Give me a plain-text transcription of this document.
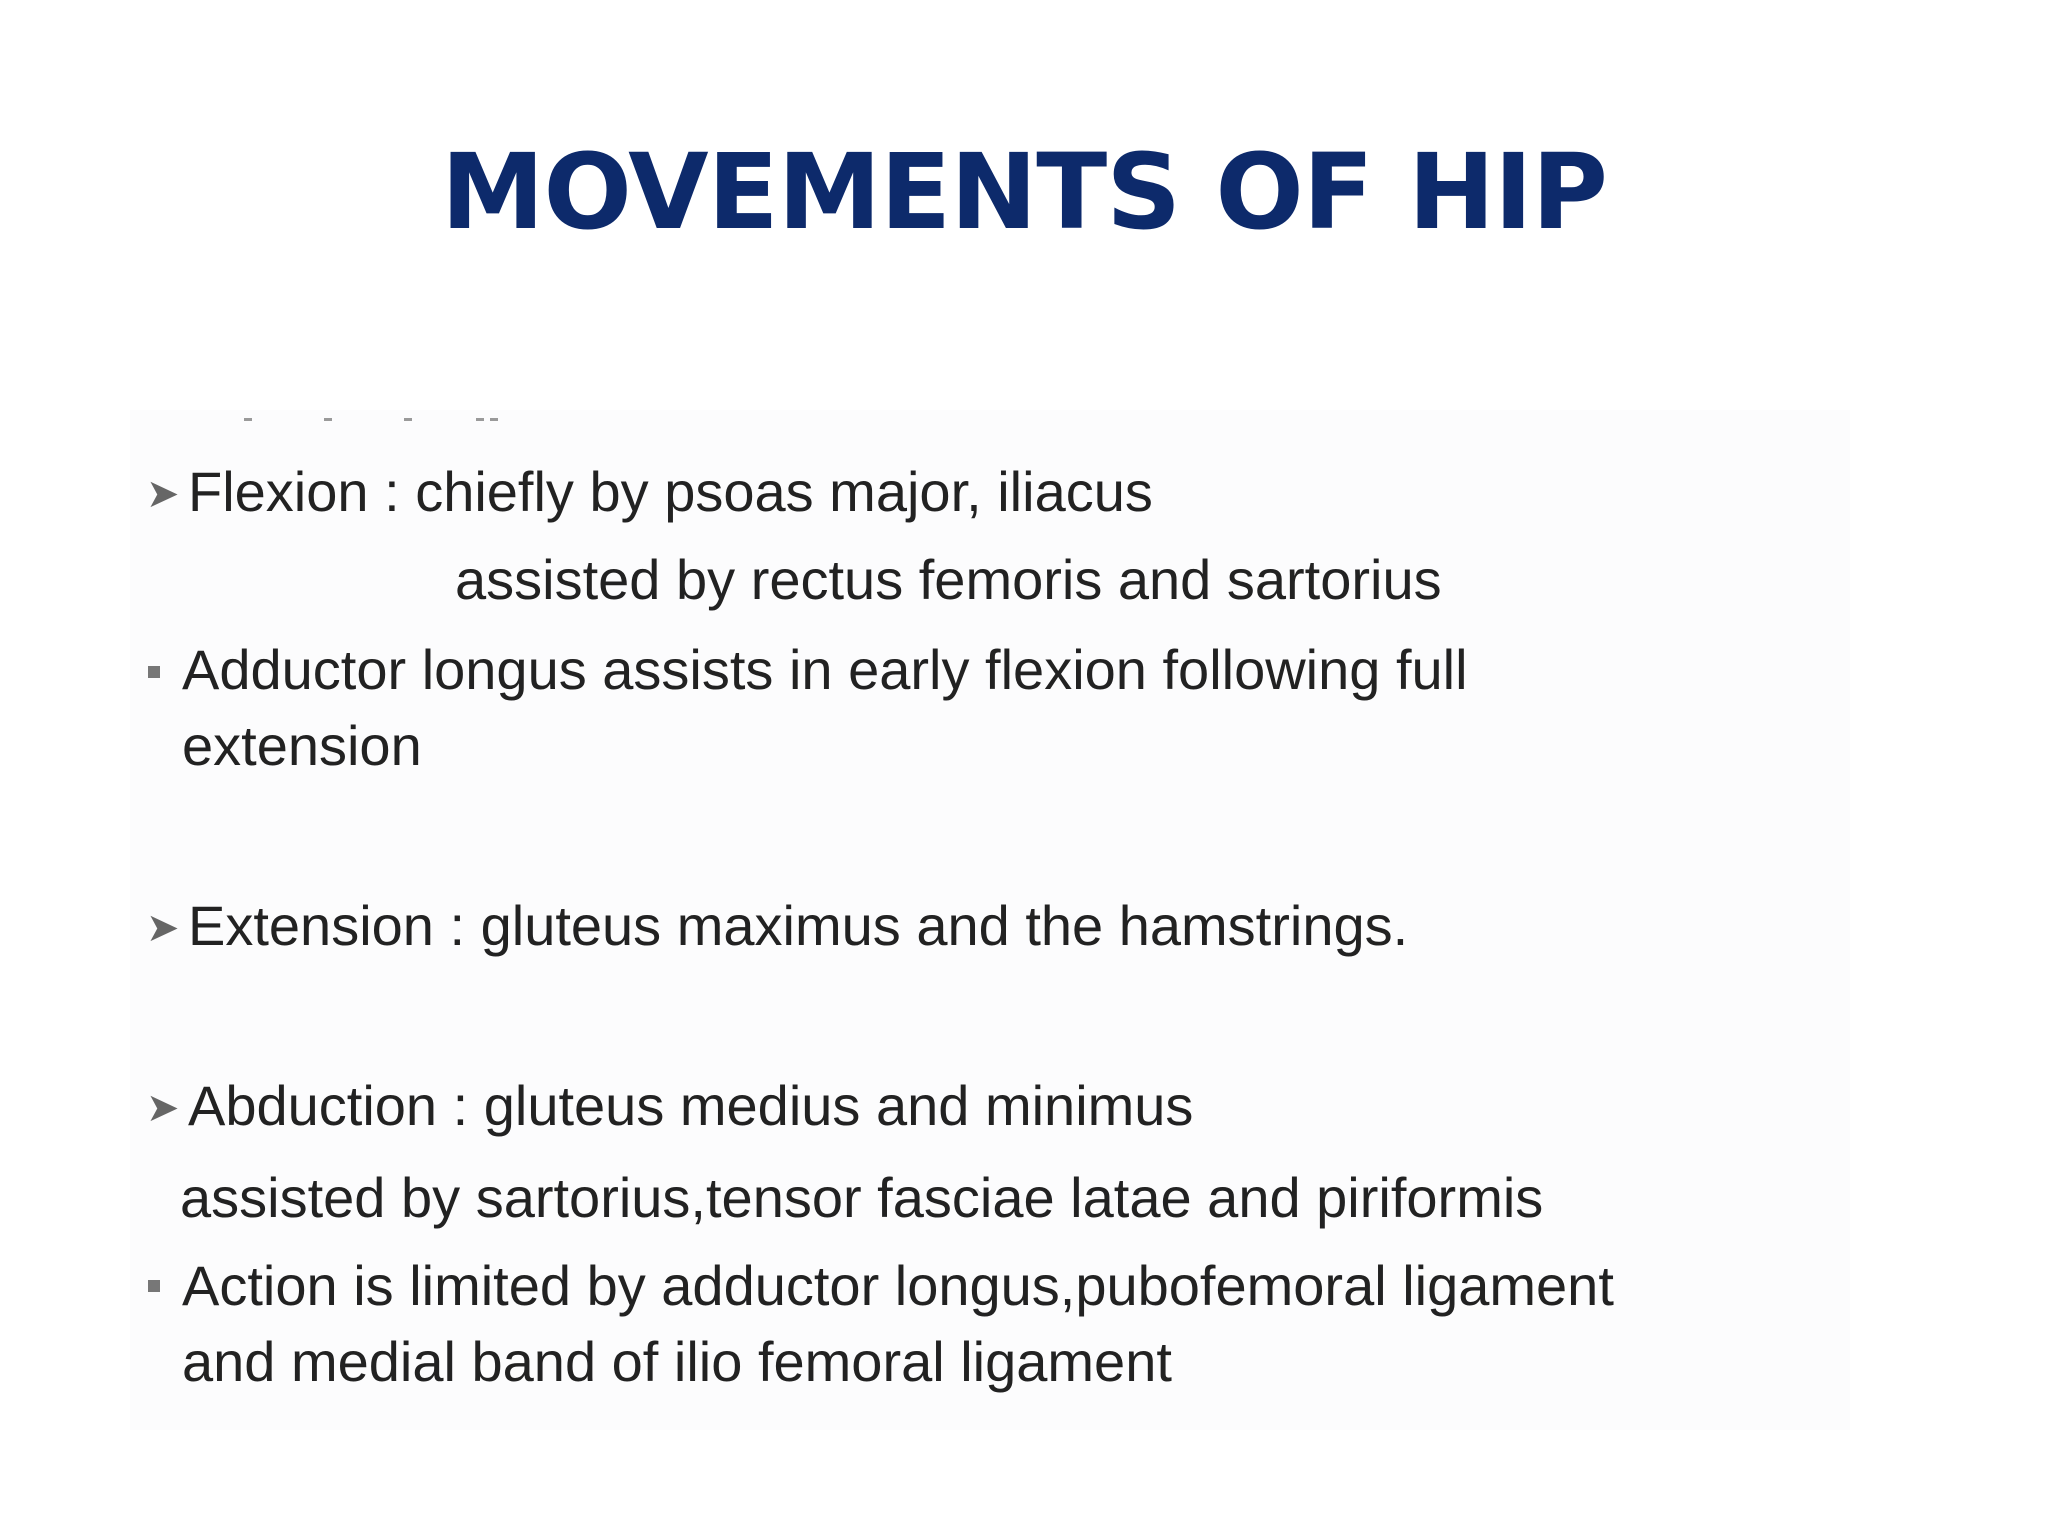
MOVEMENTS OF HIP
➤ Flexion : chiefly by psoas major, iliacus
assisted by rectus femoris and sartorius
Adductor longus assists in early flexion following full
extension
➤ Extension : gluteus maximus and the hamstrings.
➤ Abduction : gluteus medius and minimus
assisted by sartorius,tensor fasciae latae and piriformis
Action is limited by adductor longus,pubofemoral ligament
and medial band of ilio femoral ligament
